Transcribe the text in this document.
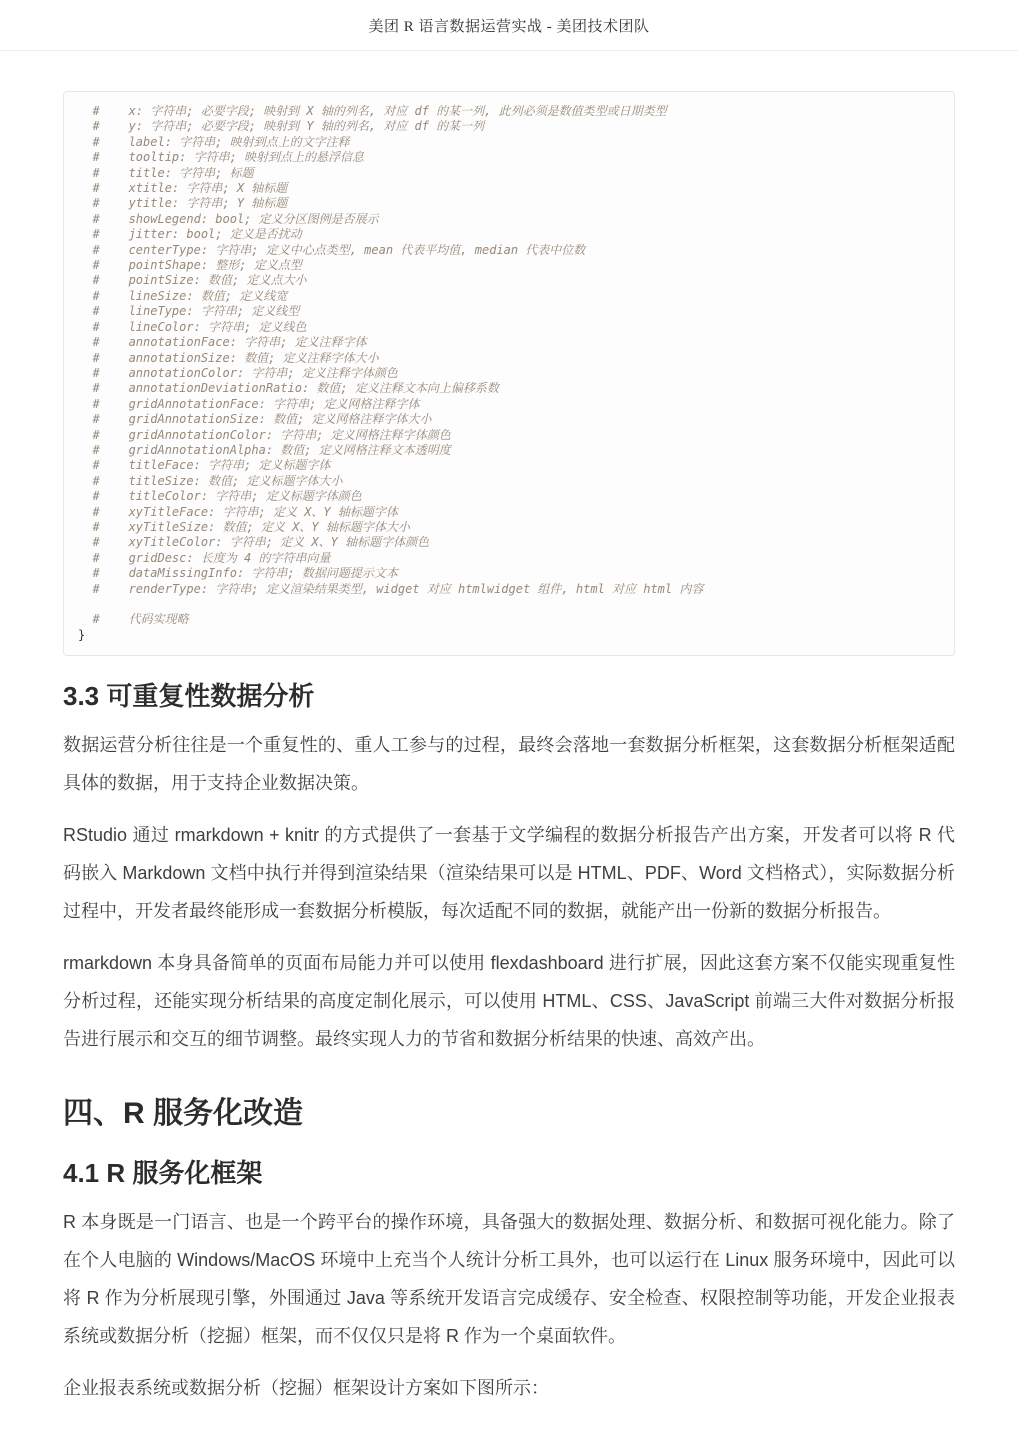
美团 R 语言数据运营实战 - 美团技术团队
#    x: 字符串; 必要字段; 映射到 X 轴的列名, 对应 df 的某一列, 此列必须是数值类型或日期类型
#    y: 字符串; 必要字段; 映射到 Y 轴的列名, 对应 df 的某一列
#    label: 字符串; 映射到点上的文字注释
#    tooltip: 字符串; 映射到点上的悬浮信息
#    title: 字符串; 标题
#    xtitle: 字符串; X 轴标题
#    ytitle: 字符串; Y 轴标题
#    showLegend: bool; 定义分区图例是否展示
#    jitter: bool; 定义是否扰动
#    centerType: 字符串; 定义中心点类型, mean 代表平均值, median 代表中位数
#    pointShape: 整形; 定义点型
#    pointSize: 数值; 定义点大小
#    lineSize: 数值; 定义线宽
#    lineType: 字符串; 定义线型
#    lineColor: 字符串; 定义线色
#    annotationFace: 字符串; 定义注释字体
#    annotationSize: 数值; 定义注释字体大小
#    annotationColor: 字符串; 定义注释字体颜色
#    annotationDeviationRatio: 数值; 定义注释文本向上偏移系数
#    gridAnnotationFace: 字符串; 定义网格注释字体
#    gridAnnotationSize: 数值; 定义网格注释字体大小
#    gridAnnotationColor: 字符串; 定义网格注释字体颜色
#    gridAnnotationAlpha: 数值; 定义网格注释文本透明度
#    titleFace: 字符串; 定义标题字体
#    titleSize: 数值; 定义标题字体大小
#    titleColor: 字符串; 定义标题字体颜色
#    xyTitleFace: 字符串; 定义 X、Y 轴标题字体
#    xyTitleSize: 数值; 定义 X、Y 轴标题字体大小
#    xyTitleColor: 字符串; 定义 X、Y 轴标题字体颜色
#    gridDesc: 长度为 4 的字符串向量
#    dataMissingInfo: 字符串; 数据问题提示文本
#    renderType: 字符串; 定义渲染结果类型, widget 对应 htmlwidget 组件, html 对应 html 内容

#    代码实现略
}
3.3 可重复性数据分析

数据运营分析往往是一个重复性的、重人工参与的过程，最终会落地一套数据分析框架，这套数据分析框架适配具体的数据，用于支持企业数据决策。

RStudio 通过 rmarkdown + knitr 的方式提供了一套基于文学编程的数据分析报告产出方案，开发者可以将 R 代码嵌入 Markdown 文档中执行并得到渲染结果（渲染结果可以是 HTML、PDF、Word 文档格式），实际数据分析过程中，开发者最终能形成一套数据分析模版，每次适配不同的数据，就能产出一份新的数据分析报告。

rmarkdown 本身具备简单的页面布局能力并可以使用 flexdashboard 进行扩展，因此这套方案不仅能实现重复性分析过程，还能实现分析结果的高度定制化展示，可以使用 HTML、CSS、JavaScript 前端三大件对数据分析报告进行展示和交互的细节调整。最终实现人力的节省和数据分析结果的快速、高效产出。

四、R 服务化改造
4.1 R 服务化框架

R 本身既是一门语言、也是一个跨平台的操作环境，具备强大的数据处理、数据分析、和数据可视化能力。除了在个人电脑的 Windows/MacOS 环境中上充当个人统计分析工具外，也可以运行在 Linux 服务环境中，因此可以将 R 作为分析展现引擎，外围通过 Java 等系统开发语言完成缓存、安全检查、权限控制等功能，开发企业报表系统或数据分析（挖掘）框架，而不仅仅只是将 R 作为一个桌面软件。

企业报表系统或数据分析（挖掘）框架设计方案如下图所示：
